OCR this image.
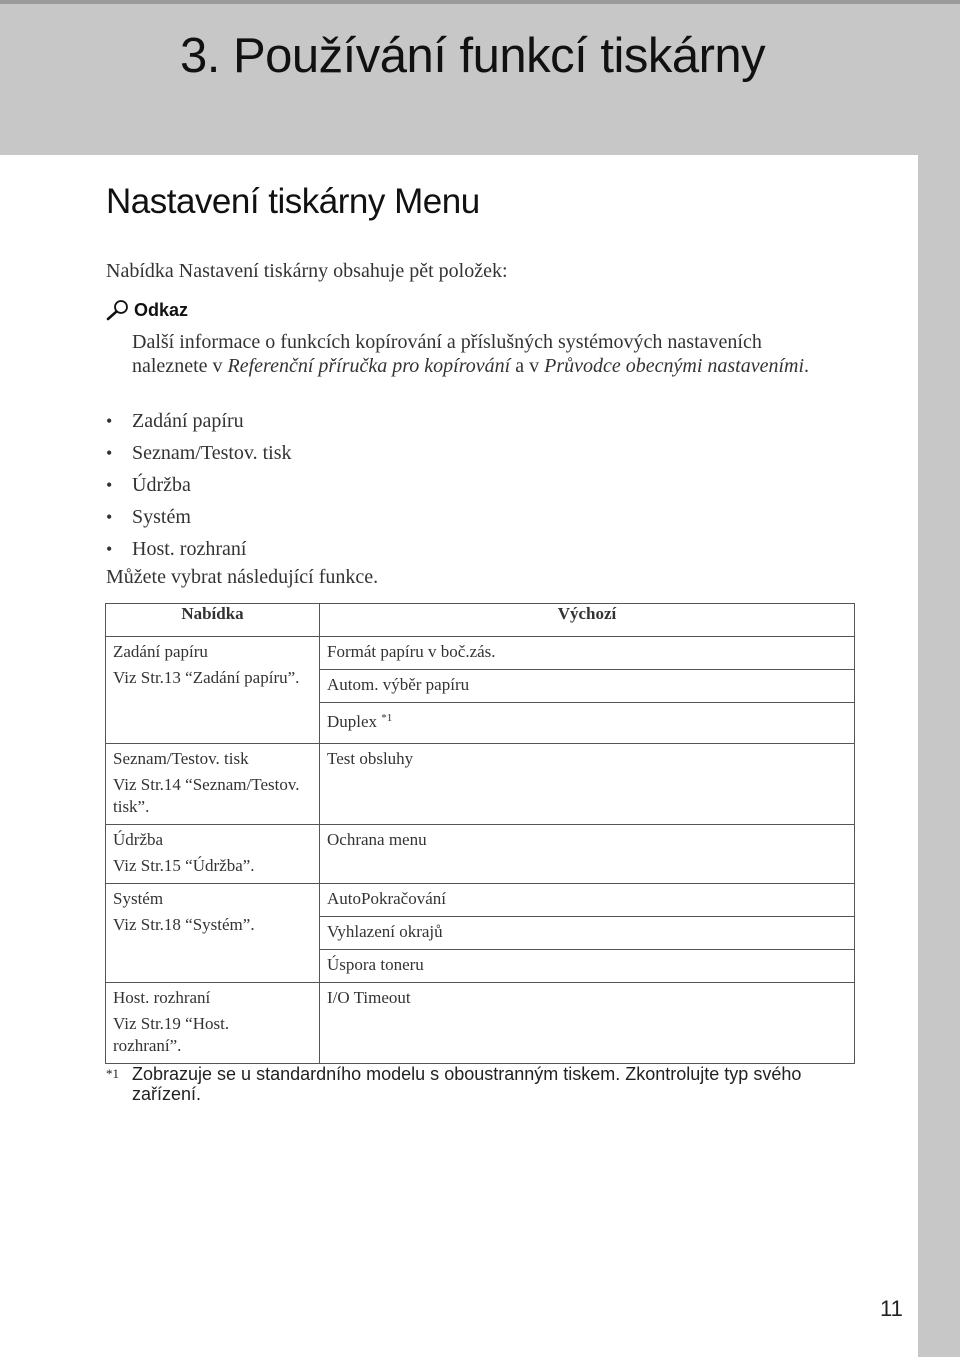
3. Používání funkcí tiskárny
Nastavení tiskárny Menu
Nabídka Nastavení tiskárny obsahuje pět položek:
Odkaz
Další informace o funkcích kopírování a příslušných systémových nastaveních naleznete v Referenční příručka pro kopírování a v Průvodce obecnými nastaveními.
• Zadání papíru
• Seznam/Testov. tisk
• Údržba
• Systém
• Host. rozhraní
Můžete vybrat následující funkce.
Nabídka	Výchozí

Zadání papíru
Viz Str.13 “Zadání papíru”.	Formát papíru v boč.zás.
	Autom. výběr papíru
	Duplex $^{*1}$

Seznam/Testov. tisk
Viz Str.14 “Seznam/Testov. tisk”.	Test obsluhy

Údržba
Viz Str.15 “Údržba”.	Ochrana menu

Systém
Viz Str.18 “Systém”.	AutoPokračování
	Vyhlazení okrajů
	Úspora toneru

Host. rozhraní
Viz Str.19 “Host. rozhraní”.	I/O Timeout
*1 Zobrazuje se u standardního modelu s oboustranným tiskem. Zkontrolujte typ svého zařízení.
11
